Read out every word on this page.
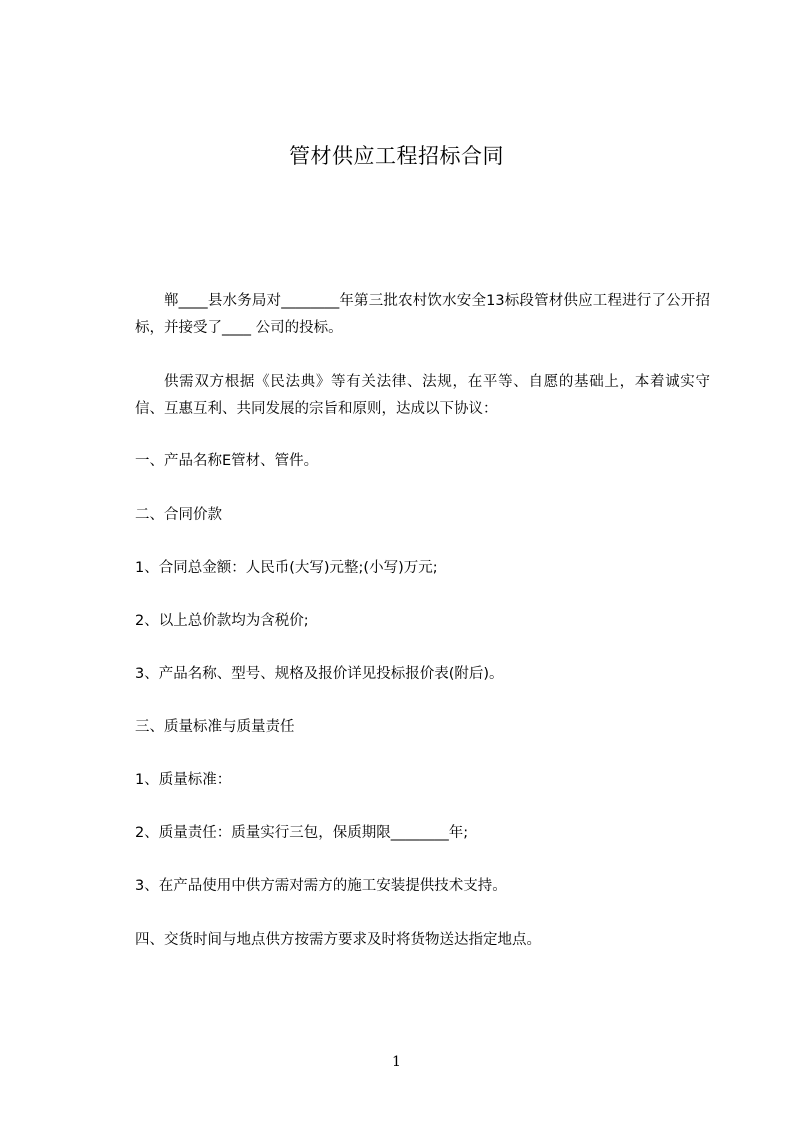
管材供应工程招标合同
郸____县水务局对________年第三批农村饮水安全13标段管材供应工程进行了公开招标，并接受了____ 公司的投标。
供需双方根据《民法典》等有关法律、法规，在平等、自愿的基础上，本着诚实守信、互惠互利、共同发展的宗旨和原则，达成以下协议：
一、产品名称E管材、管件。
二、合同价款
1、合同总金额：人民币(大写)元整;(小写)万元;
2、以上总价款均为含税价;
3、产品名称、型号、规格及报价详见投标报价表(附后)。
三、质量标准与质量责任
1、质量标准：
2、质量责任：质量实行三包，保质期限________年;
3、在产品使用中供方需对需方的施工安装提供技术支持。
四、交货时间与地点供方按需方要求及时将货物送达指定地点。
1
